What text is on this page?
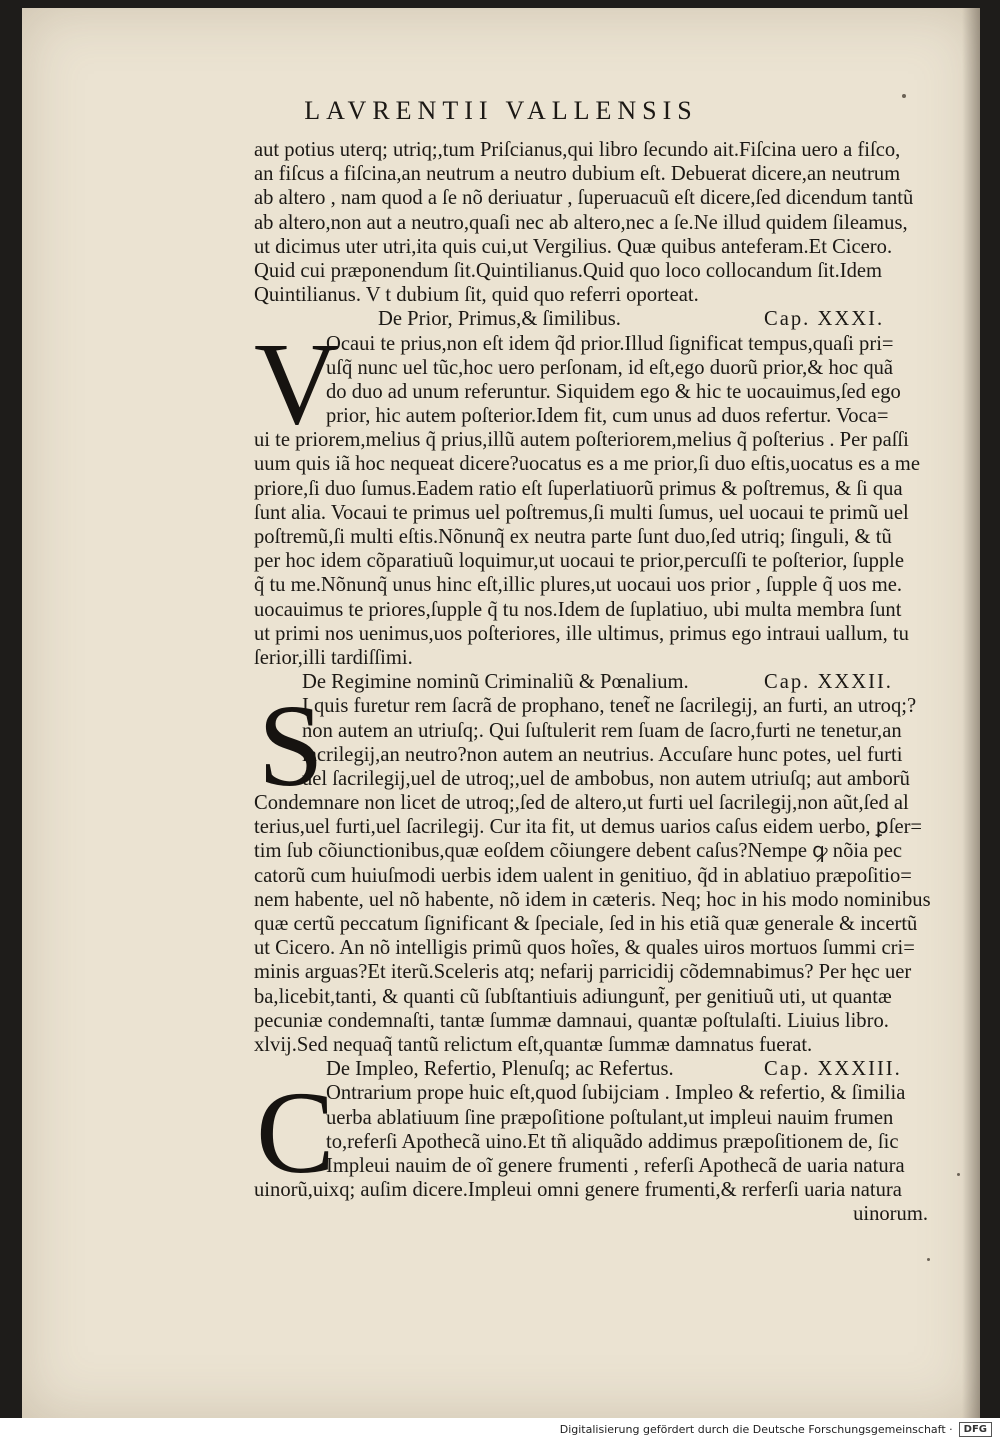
LAVRENTII VALLENSIS
aut potius uterq; utriq;,tum Priſcianus,qui libro ſecundo ait.Fiſcina uero a fiſco,
an fiſcus a fiſcina,an neutrum a neutro dubium eſt. Debuerat dicere,an neutrum
ab altero , nam quod a ſe nõ deriuatur , ſuperuacuũ eſt dicere,ſed dicendum tantũ
ab altero,non aut a neutro,quaſi nec ab altero,nec a ſe.Ne illud quidem ſileamus,
ut dicimus uter utri,ita quis cui,ut Vergilius. Quæ quibus anteferam.Et Cicero.
Quid cui præponendum ſit.Quintilianus.Quid quo loco collocandum ſit.Idem
Quintilianus. V t dubium ſit, quid quo referri oporteat.
De Prior, Primus,& ſimilibus.	Cap. XXXI.
V
Ocaui te prius,non eſt idem q̃d prior.Illud ſignificat tempus,quaſi pri=
uſq̃ nunc uel tũc,hoc uero perſonam, id eſt,ego duorũ prior,& hoc quã
do duo ad unum referuntur. Siquidem ego & hic te uocauimus,ſed ego
prior, hic autem poſterior.Idem fit, cum unus ad duos refertur. Voca=
ui te priorem,melius q̃ prius,illũ autem poſteriorem,melius q̃ poſterius . Per paſſi
uum quis iã hoc nequeat dicere?uocatus es a me prior,ſi duo eſtis,uocatus es a me
priore,ſi duo ſumus.Eadem ratio eſt ſuperlatiuorũ primus & poſtremus, & ſi qua
ſunt alia. Vocaui te primus uel poſtremus,ſi multi ſumus, uel uocaui te primũ uel
poſtremũ,ſi multi eſtis.Nõnunq̃ ex neutra parte ſunt duo,ſed utriq; ſinguli, & tũ
per hoc idem cõparatiuũ loquimur,ut uocaui te prior,percuſſi te poſterior, ſupple
q̃ tu me.Nõnunq̃ unus hinc eſt,illic plures,ut uocaui uos prior , ſupple q̃ uos me.
uocauimus te priores,ſupple q̃ tu nos.Idem de ſuplatiuo, ubi multa membra ſunt
ut primi nos uenimus,uos poſteriores, ille ultimus, primus ego intraui uallum, tu
ſerior,illi tardiſſimi.
De Regimine nominũ Criminaliũ & Pœnalium.	Cap. XXXII.
S
I quis furetur rem ſacrã de prophano, tenet̃ ne ſacrilegij, an furti, an utroq;?
non autem an utriuſq;. Qui ſuſtulerit rem ſuam de ſacro,furti ne tenetur,an
ſacrilegij,an neutro?non autem an neutrius. Accuſare hunc potes, uel furti
uel ſacrilegij,uel de utroq;,uel de ambobus, non autem utriuſq; aut amborũ
Condemnare non licet de utroq;,ſed de altero,ut furti uel ſacrilegij,non aũt,ſed al
terius,uel furti,uel ſacrilegij. Cur ita fit, ut demus uarios caſus eidem uerbo, ꝑſer=
tim ſub cõiunctionibus,quæ eoſdem cõiungere debent caſus?Nempe ꝙ nõia pec
catorũ cum huiuſmodi uerbis idem ualent in genitiuo, q̃d in ablatiuo præpoſitio=
nem habente, uel nõ habente, nõ idem in cæteris. Neq; hoc in his modo nominibus
quæ certũ peccatum ſignificant & ſpeciale, ſed in his etiã quæ generale & incertũ
ut Cicero. An nõ intelligis primũ quos hoĩes, & quales uiros mortuos ſummi cri=
minis arguas?Et iterũ.Sceleris atq; nefarij parricidij cõdemnabimus? Per hęc uer
ba,licebit,tanti, & quanti cũ ſubſtantiuis adiungunt̃, per genitiuũ uti, ut quantæ
pecuniæ condemnaſti, tantæ ſummæ damnaui, quantæ poſtulaſti. Liuius libro.
xlvij.Sed nequaq̃ tantũ relictum eſt,quantæ ſummæ damnatus fuerat.
De Impleo, Refertio, Plenuſq; ac Refertus.	Cap. XXXIII.
C
Ontrarium prope huic eſt,quod ſubijciam . Impleo & refertio, & ſimilia
uerba ablatiuum ſine præpoſitione poſtulant,ut impleui nauim frumen
to,referſi Apothecã uino.Et tñ aliquãdo addimus præpoſitionem de, ſic
Impleui nauim de oĩ genere frumenti , referſi Apothecã de uaria natura
uinorũ,uixq; auſim dicere.Impleui omni genere frumenti,& rerferſi uaria natura
uinorum.
Digitalisierung gefördert durch die Deutsche Forschungsgemeinschaft ·	DFG
